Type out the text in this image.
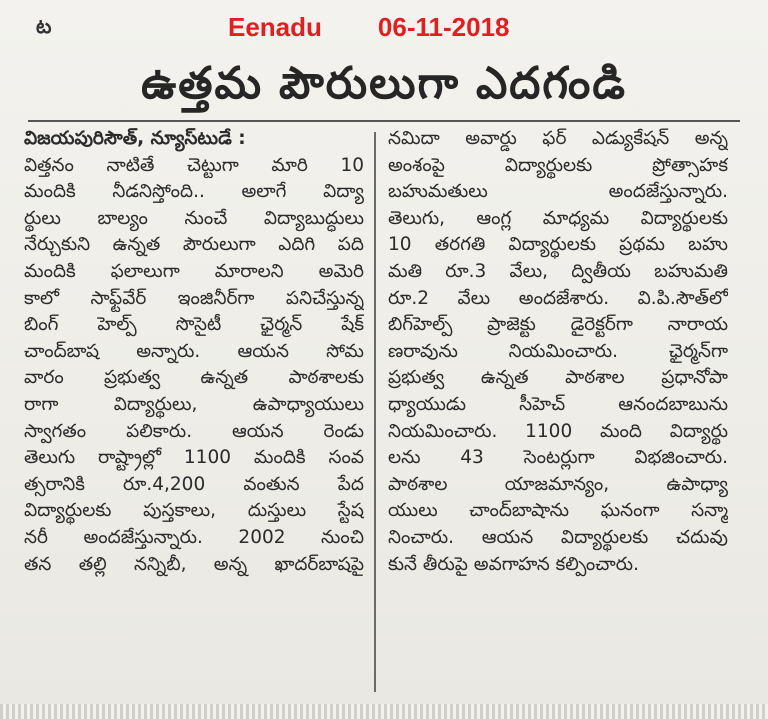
ట	Eenadu 06-11-2018
ఉత్తమ పౌరులుగా ఎదగండి
విజయపురిసౌత్, న్యూస్‌టుడే :
విత్తనం నాటితే చెట్టుగా మారి 10
మందికి నీడనిస్తోంది.. అలాగే విద్యా
ర్థులు బాల్యం నుంచే విద్యాబుద్ధులు
నేర్చుకుని ఉన్నత పౌరులుగా ఎదిగి పది
మందికి ఫలాలుగా మారాలని అమెరి
కాలో సాఫ్ట్‌వేర్ ఇంజినీర్‌గా పనిచేస్తున్న
బింగ్ హెల్ప్ సొసైటీ ఛైర్మన్ షేక్
చాంద్‌బాష అన్నారు. ఆయన సోమ
వారం ప్రభుత్వ ఉన్నత పాఠశాలకు
రాగా విద్యార్థులు, ఉపాధ్యాయులు
స్వాగతం పలికారు. ఆయన రెండు
తెలుగు రాష్ట్రాల్లో 1100 మందికి సంవ
త్సరానికి రూ.4,200 వంతున పేద
విద్యార్థులకు పుస్తకాలు, దుస్తులు స్టేష
నరీ అందజేస్తున్నారు. 2002 నుంచి
తన తల్లి నన్నిబీ, అన్న ఖాదర్‌బాషపై
నమిదా అవార్డు ఫర్ ఎడ్యుకేషన్ అన్న
అంశంపై విద్యార్థులకు ప్రోత్సాహక
బహుమతులు అందజేస్తున్నారు.
తెలుగు, ఆంగ్ల మాధ్యమ విద్యార్థులకు
10 తరగతి విద్యార్థులకు ప్రథమ బహు
మతి రూ.3 వేలు, ద్వితీయ బహుమతి
రూ.2 వేలు అందజేశారు. వి.పి.సౌత్‌లో
బిగ్‌హెల్ప్ ప్రాజెక్టు డైరెక్టర్‌గా నారాయ
ణరావును నియమించారు. ఛైర్మన్‌గా
ప్రభుత్వ ఉన్నత పాఠశాల ప్రధానోపా
ధ్యాయుడు సీహెచ్ ఆనందబాబును
నియమించారు. 1100 మంది విద్యార్థు
లను 43 సెంటర్లుగా విభజించారు.
పాఠశాల యాజమాన్యం, ఉపాధ్యా
యులు చాంద్‌బాషాను ఘనంగా సన్మా
నించారు. ఆయన విద్యార్థులకు చదువు
కునే తీరుపై అవగాహన కల్పించారు.
